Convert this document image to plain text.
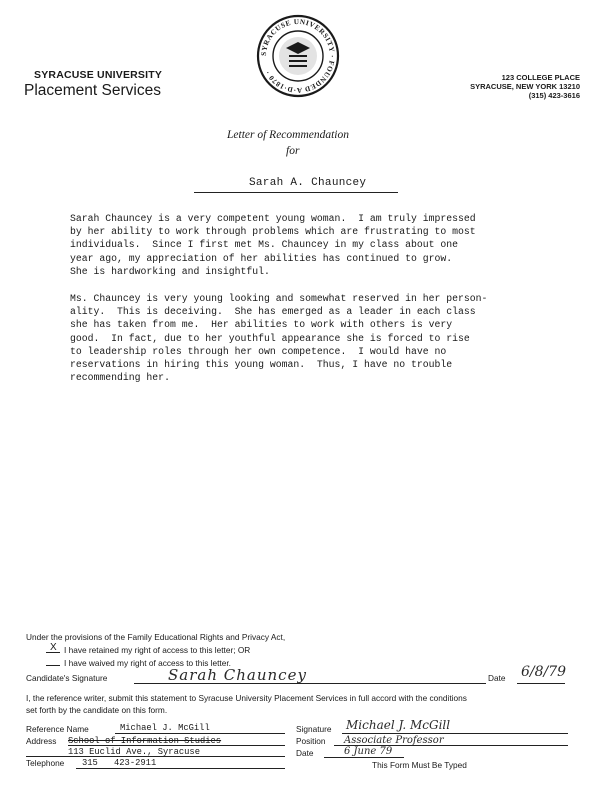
SYRACUSE UNIVERSITY · FOUNDED A·D·1870 ·
SYRACUSE UNIVERSITY
Placement Services
123 COLLEGE PLACE
SYRACUSE, NEW YORK 13210
(315) 423-3616
Letter of Recommendation
for
Sarah A. Chauncey
Sarah Chauncey is a very competent young woman.  I am truly impressed
by her ability to work through problems which are frustrating to most
individuals.  Since I first met Ms. Chauncey in my class about one
year ago, my appreciation of her abilities has continued to grow.
She is hardworking and insightful.
Ms. Chauncey is very young looking and somewhat reserved in her person-
ality.  This is deceiving.  She has emerged as a leader in each class
she has taken from me.  Her abilities to work with others is very
good.  In fact, due to her youthful appearance she is forced to rise
to leadership roles through her own competence.  I would have no
reservations in hiring this young woman.  Thus, I have no trouble
recommending her.
Under the provisions of the Family Educational Rights and Privacy Act,
X I have retained my right of access to this letter; OR
I have waived my right of access to this letter.
Candidate's Signature	Sarah Chauncey	Date 6/8/79
I, the reference writer, submit this statement to Syracuse University Placement Services in full accord with the conditions
set forth by the candidate on this form.
Reference Name	Michael J. McGill
Address School of Information Studies
113 Euclid Ave., Syracuse
Telephone 315 423-2911
Signature Michael J. McGill
Position Associate Professor
Date	6 June 79
This Form Must Be Typed
